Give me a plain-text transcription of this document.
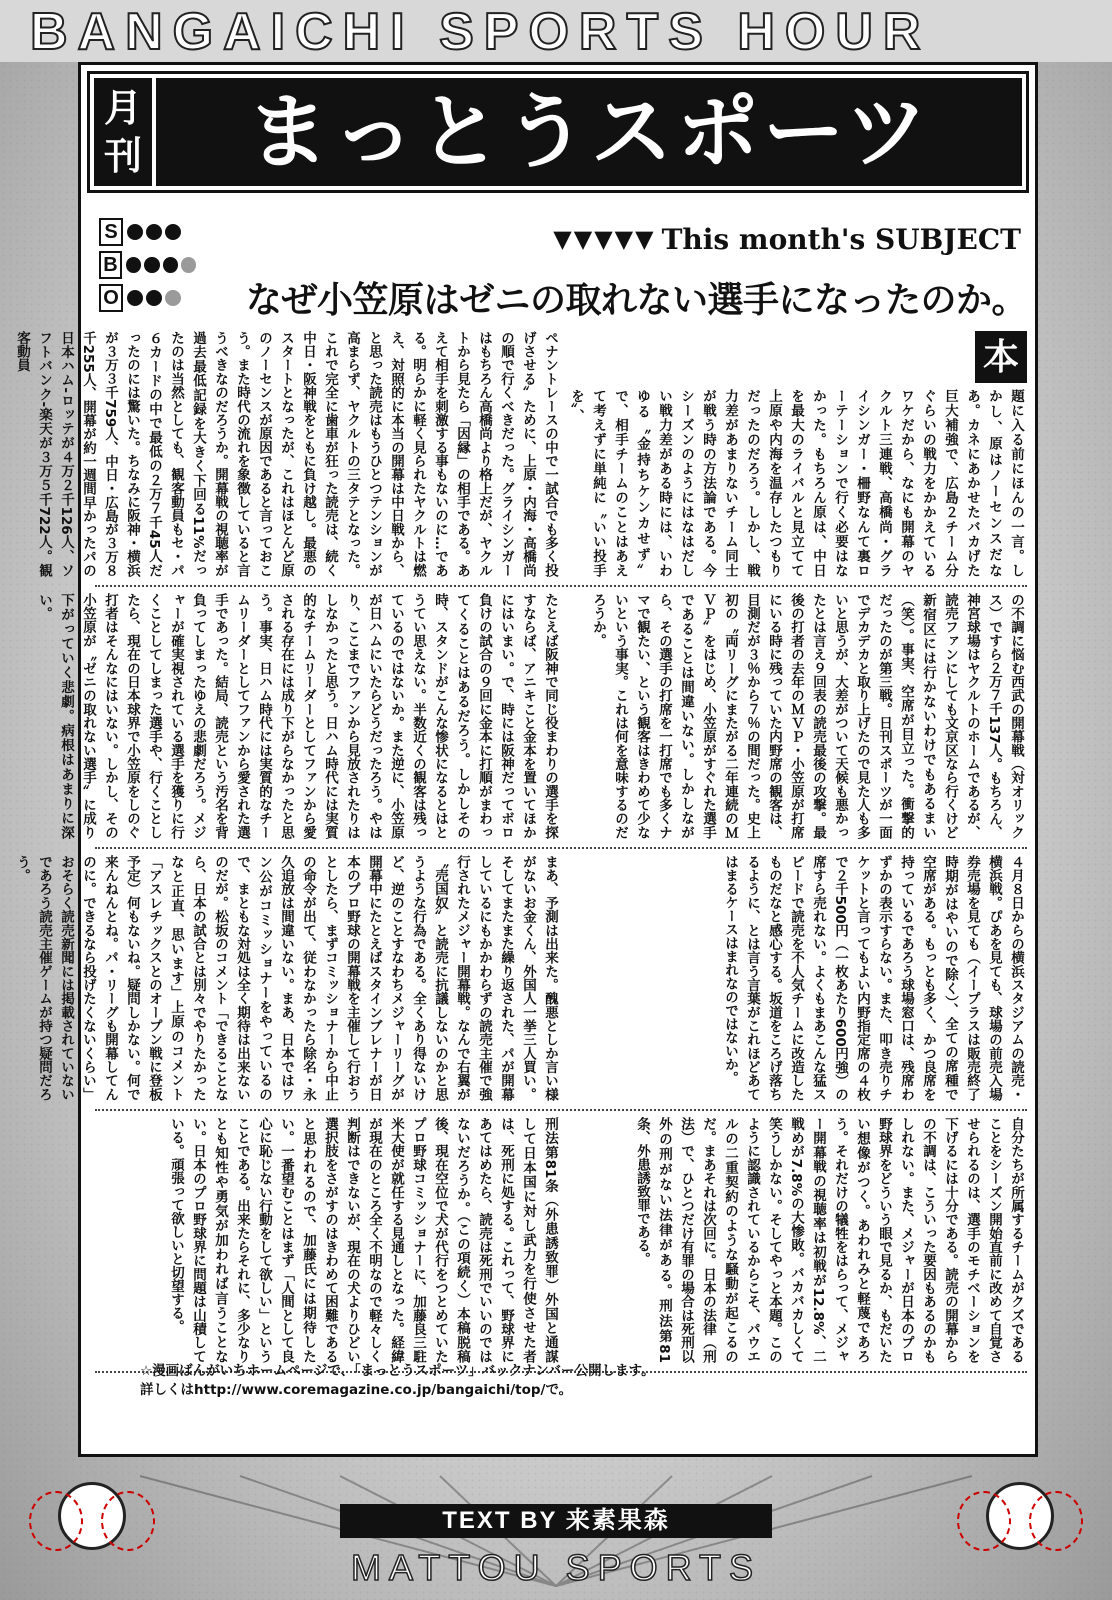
BANGAICHI SPORTS HOUR
月
刊	まっとうスポーツ
S
B
O
▼ ▼ ▼ ▼ ▼ This month's SUBJECT
なぜ小笠原はゼニの取れない選手になったのか。
題に入る前にほんの一言。しかし、原はノーセンスだなあ。カネにあかせたバカげた巨大補強で、広島２チーム分ぐらいの戦力をかかえているワケだから、なにも開幕のヤクルト三連戦、高橋尚・グライシンガー・柵野なんて裏ローテーションで行く必要はなかった。もちろん原は、中日を最大のライバルと見立てて上原や内海を温存したつもりだったのだろう。しかし、戦力差があまりないチーム同士が戦う時の方法論である。今シーズンのようにはなはだしい戦力差がある時には、いわゆる〝金持ちケンカせず〟で、相手チームのことはあえて考えずに単純に〝いい投手を〟、
本
ペナントレースの中で一試合でも多く投げさせる〟ために、上原・内海・高橋尚の順で行くべきだった。グライシンガーはもちろん高橋尚より格上だが、ヤクルトから見たら「因縁」の相手である。あえて相手を刺激する事もないのに…である。明らかに軽く見られたヤクルトは燃え、対照的に本当の開幕は中日戦から、と思った読売はもうひとつテンションが高まらず、ヤクルトの三タテとなった。これで完全に歯車が狂った読売は、続く中日・阪神戦をともに負け越し。最悪のスタートとなったが、これはほとんど原のノーセンスが原因であると言っておこう。また時代の流れを象徴していると言うべきなのだろうか。開幕戦の視聴率が過去最低記録を大きく下回る11%だったのは当然としても、観客動員もセ・パ６カードの中で最低の２万７千45人だったのには驚いた。ちなみに阪神・横浜が３万３千759人、中日・広島が３万８千255人、開幕が約一週間早かったパの日本ハム-ロッテが４万２千126人、ソフトバンク-楽天が３万５千722人。観客動員
の不調に悩む西武の開幕戦（対オリックス）ですら２万７千137人。もちろん、神宮球場はヤクルトのホームであるが、読売ファンにしても文京区なら行くけど新宿区には行かないわけでもあるまい（笑）。事実、空席が目立った。衝撃的だったのが第三戦。日刊スポーツが一面でデカデカと取り上げたので見た人も多いと思うが、大差がついて天候も悪かったとは言え９回表の読売最後の攻撃。最後の打者の去年のＭＶＰ・小笠原が打席にいる時に残っていた内野席の観客は、目測だが３％から７％の間だった。史上初の〝両リーグにまたがる二年連続のＭＶＰ〟をはじめ、小笠原がすぐれた選手であることは間違いない。しかしながら、その選手の打席を一打席でも多くナマで観たい、という観客はきわめて少ないという事実。これは何を意味するのだろうか。
たとえば阪神で同じ役まわりの選手を探すならば、アニキこと金本を置いてほかにはいまい。で、時には阪神だってボロ負けの試合の９回に金本に打順がまわってくることはあるだろう。しかしその時、スタンドがこんな惨状になるとはとうてい思えない。半数近くの観客は残っているのではないか。また逆に、小笠原が日ハムにいたらどうだったろう。やはり、ここまでファンから見放されたりはしなかったと思う。日ハム時代には実質的なチームリーダーとしてファンから愛される存在には成り下がらなかったと思う。事実、日ハム時代には実質的なチームリーダーとしてファンから愛された選手であった。結局、読売という汚名を背負ってしまったゆえの悲劇だろう。メジャーが確実視されている選手を獲りに行くことしてしまった選手や、行くことしたら、現在の日本球界で小笠原をしのぐ打者はそんなにはいない。しかし、その小笠原が〝ゼニの取れない選手〟に成り下がっていく悲劇。病根はあまりに深い。
４月８日からの横浜スタジアムの読売・横浜戦。ぴあを見ても、球場の前売入場券売場を見ても（イープラスは販売終了時期がはやいので除く）、全ての席種で空席がある。もっとも多く、かつ良席を持っているであろう球場窓口は、残席わずかの表示すらない。また、叩き売りチケットと言ってもよい内野指定席の４枚で２千500円（一枚あたり600円強）の席すら売れない。よくもまあこんな猛スピードで読売を不人気チームに改造したものだなと感心する。坂道をころげ落ちるように、とは言う言葉がこれほどあてはまるケースはまれなのではないか。
まあ、予測は出来た。醜悪としか言い様がないお金くん、外国人一挙三人買い。そしてまたまた繰り返された、パが開幕しているにもかかわらずの読売主催で強行されたメジャー開幕戦。なんで右翼が〝売国奴〟と読売に抗議しないのかと思うような行為である。全くあり得ないけど、逆のことすなわちメジャーリーグが開幕中にたとえばスタインブレナーが日本のプロ野球の開幕戦を主催して行おうとしたら、まずコミッショナーから中止の命令が出て、従わなかったら除名・永久追放は間違いない。まあ、日本ではワン公がコミッショナーをやっているので、まともな対処は全く期待は出来ないのだが。松坂のコメント「できることなら、日本の試合とは別々でやりたかったなと正直、思います」上原のコメント「アスレチックスとのオープン戦に登板予定）何もないね。疑問しかない。何で来んねんとね。パ・リーグも開幕してんのに。できるなら投げたくないくらい」おそらく読売新聞には掲載されていないであろう読売主催ゲームが持つ疑問だろう。
自分たちが所属するチームがクズであることをシーズン開始直前に改めて自覚させられるのは、選手のモチベーションを下げるには十分である。読売の開幕からの不調は、こういった要因もあるのかもしれない。また、メジャーが日本のプロ野球界をどういう眼で見るか、もだいたい想像がつく。あわれみと軽蔑であろう。それだけの犠牲をはらって、メジャー開幕戦の視聴率は初戦が12.8%、二戦めが7.8%の大惨敗。バカバカしくて笑うしかない。そしてやっと本題。このように認識されているからこそ、パウエルの二重契約のような騒動が起こるのだ。まあそれは次回に。日本の法律（刑法）で、ひとつだけ有罪の場合は死刑以外の刑がない法律がある。刑法第81条、外患誘致罪である。
刑法第81条（外患誘致罪）外国と通謀して日本国に対し武力を行使させた者は、死刑に処する。これって、野球界にあてはめたら、読売は死刑でいいのではないだろうか。（この項続く）本稿脱稿後、現在空位で犬が代行をつとめていたプロ野球コミッショナーに、加藤良三駐米大使が就任する見通しとなった。経緯が現在のところ全く不明なので軽々しく判断はできないが、現在の犬よりひどい選択肢をさがすのはきわめて困難であると思われるので、加藤氏には期待したい。一番望むことはまず「人間として良心に恥じない行動をして欲しい」ということである。出来たらそれに、多少なりとも知性や勇気が加われば言うことない。日本のプロ野球界に問題は山積している。頑張って欲しいと切望する。
☆漫画ばんがいちホームページで、「まっとうスポーツ」バックナンバー公開します。
詳しくはhttp://www.coremagazine.co.jp/bangaichi/top/で。
TEXT BY 来素果森
MATTOU SPORTS
